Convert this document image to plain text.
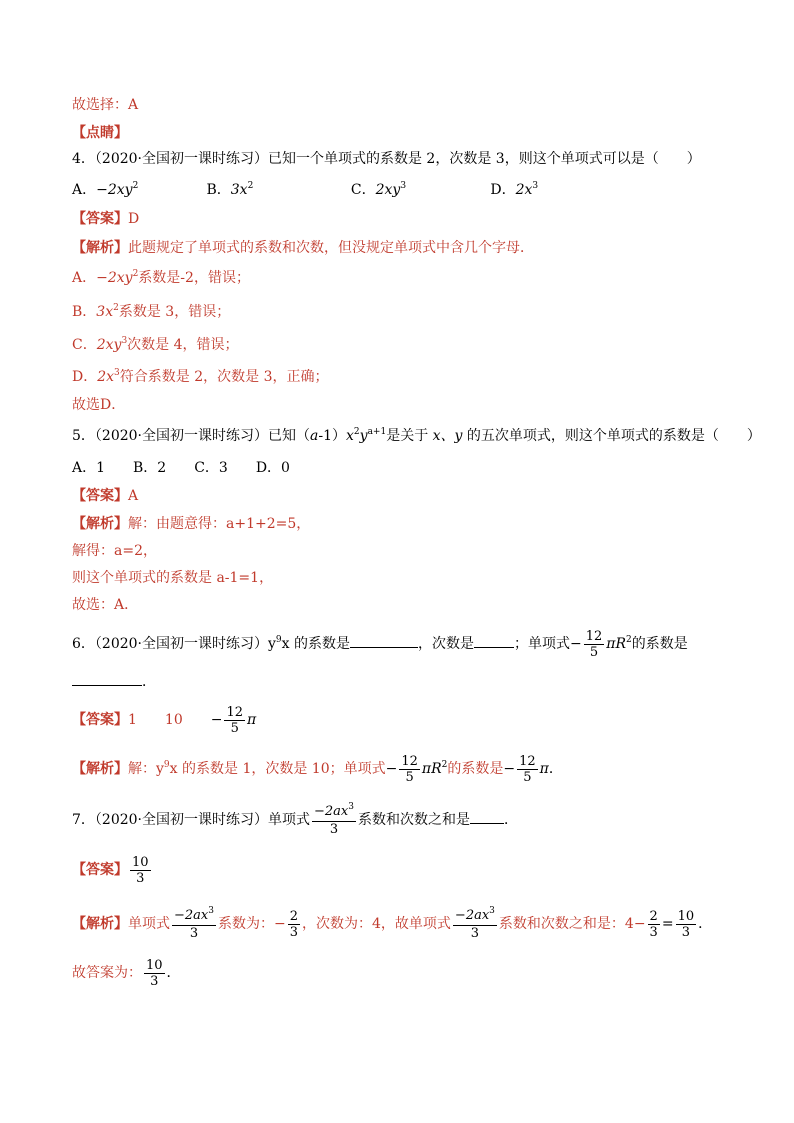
故选择：A
【点睛】
4．（2020·全国初一课时练习）已知一个单项式的系数是 2，次数是 3，则这个单项式可以是（　　）
A．$-2xy^2$	B．$3x^2$	C．$2xy^3$	D．$2x^3$
【答案】D
【解析】此题规定了单项式的系数和次数，但没规定单项式中含几个字母．
A．$-2xy^2$系数是-2，错误；
B．$3x^2$系数是 3，错误；
C．$2xy^3$次数是 4，错误；
D．$2x^3$符合系数是 2，次数是 3，正确；
故选D．
5．（2020·全国初一课时练习）已知$(a-1)x^2y^{a+1}$是关于 x、y 的五次单项式，则这个单项式的系数是（　　）
A．1　　B．2　　C．3　　D．0
【答案】A
【解析】解：由题意得：a+1+2=5，
解得：a=2，
则这个单项式的系数是 a-1=1，
故选：A．
6．（2020·全国初一课时练习）$y^9x$ 的系数是	，次数是	；单项式− $\frac{12}{5} \pi R^2$的系数是
．
【答案】1 $10 - \frac{12}{5}$ π
【解析】解：$y^9x$ 的系数是 1，次数是 10；单项式− $\frac{12}{5} \pi R^2$的系数是− $\frac{12}{5}$ π．
7．（2020·全国初一课时练习）单项式 $\frac{-2ax^3}{3}$ 系数和次数之和是 ．
【答案】 $\frac{10}{3}$
【解析】单项式 $\frac{-2ax^3}{3}$ 系数为：− $\frac{2}{3}$ ，次数为：4，故单项式 $\frac{-2ax^3}{3}$ 系数和次数之和是：$4- \frac{2}{3} = \frac{10}{3}$ ．
故答案为： $\frac{10}{3}$ ．
